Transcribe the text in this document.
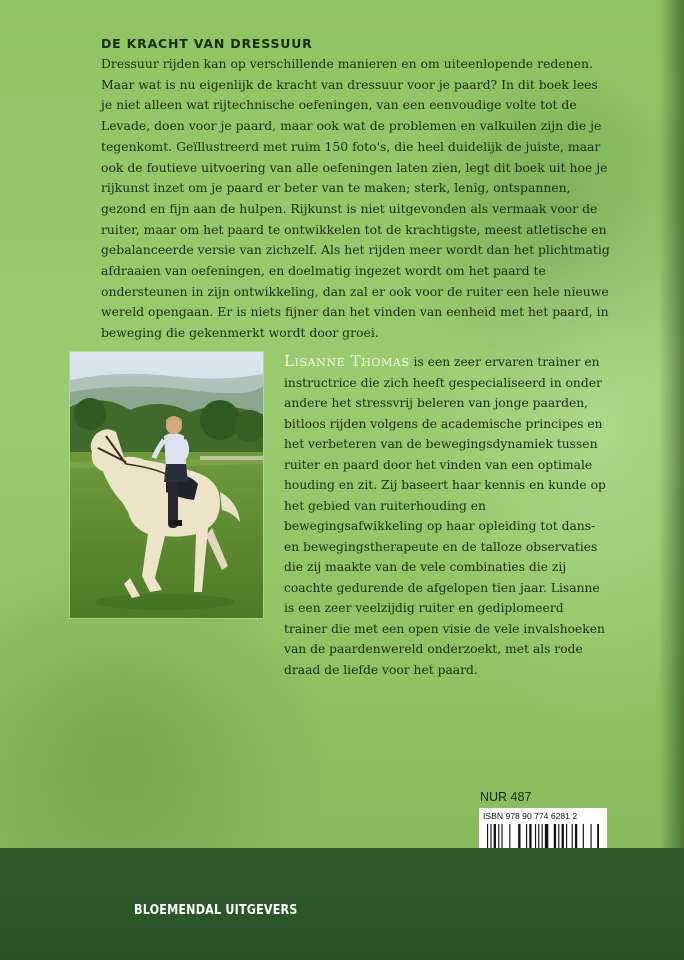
DE KRACHT VAN DRESSUUR

Dressuur rijden kan op verschillende manieren en om uiteenlopende redenen. Maar wat is nu eigenlijk de kracht van dressuur voor je paard? In dit boek lees je niet alleen wat rijtechnische oefeningen, van een eenvoudige volte tot de Levade, doen voor je paard, maar ook wat de problemen en valkuilen zijn die je tegenkomt. Geïllustreerd met ruim 150 foto's, die heel duidelijk de juiste, maar ook de foutieve uitvoering van alle oefeningen laten zien, legt dit boek uit hoe je rijkunst inzet om je paard er beter van te maken; sterk, lenig, ontspannen, gezond en fijn aan de hulpen. Rijkunst is niet uitgevonden als vermaak voor de ruiter, maar om het paard te ontwikkelen tot de krachtigste, meest atletische en gebalanceerde versie van zichzelf. Als het rijden meer wordt dan het plichtmatig afdraaien van oefeningen, en doelmatig ingezet wordt om het paard te ondersteunen in zijn ontwikkeling, dan zal er ook voor de ruiter een hele nieuwe wereld opengaan. Er is niets fijner dan het vinden van eenheid met het paard, in beweging die gekenmerkt wordt door groei.

Lisanne Thomas is een zeer ervaren trainer en instructrice die zich heeft gespecialiseerd in onder andere het stressvrij beleren van jonge paarden, bitloos rijden volgens de academische principes en het verbeteren van de bewegingsdynamiek tussen ruiter en paard door het vinden van een optimale houding en zit. Zij baseert haar kennis en kunde op het gebied van ruiterhouding en bewegingsafwikkeling op haar opleiding tot dans- en bewegingstherapeute en de talloze observaties die zij maakte van de vele combinaties die zij coachte gedurende de afgelopen tien jaar. Lisanne is een zeer veelzijdig ruiter en gediplomeerd trainer die met een open visie de vele invalshoeken van de paardenwereld onderzoekt, met als rode draad de liefde voor het paard.

NUR 487
ISBN 978 90 774 6281 2
BLOEMENDAL UITGEVERS
